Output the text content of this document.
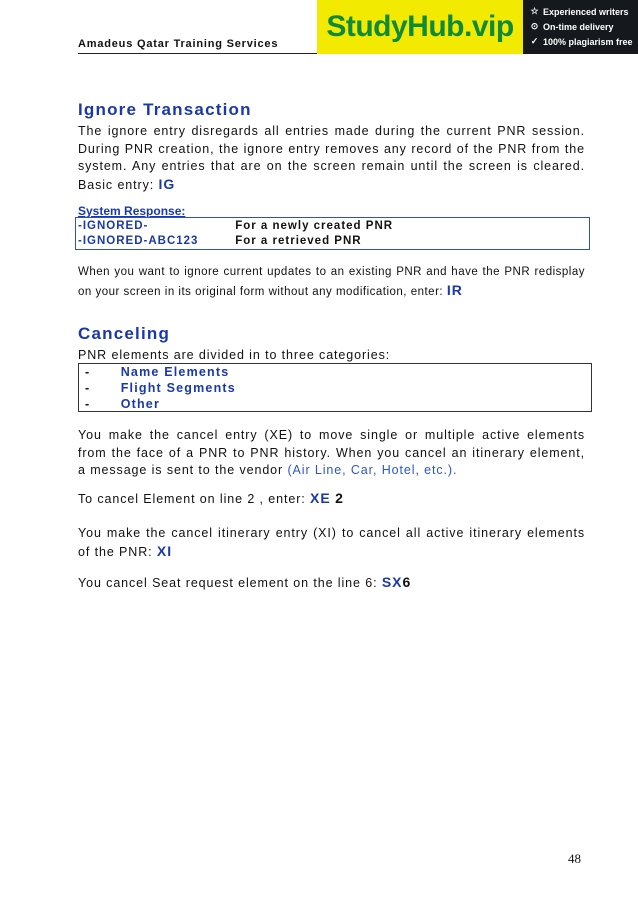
Amadeus Qatar Training Services
StudyHub.vip ☆ Experienced writers
⊙ On-time delivery
✓ 100% plagiarism free
Ignore Transaction
The ignore entry disregards all entries made during the current PNR session. During PNR creation, the ignore entry removes any record of the PNR from the system. Any entries that are on the screen remain until the screen is cleared. Basic entry: IG
System Response:
-IGNORED-	For a newly created PNR
-IGNORED-ABC123	For a retrieved PNR
When you want to ignore current updates to an existing PNR and have the PNR redisplay on your screen in its original form without any modification, enter: IR
Canceling
PNR elements are divided in to three categories:
- Name Elements
- Flight Segments
- Other
You make the cancel entry (XE) to move single or multiple active elements from the face of a PNR to PNR history. When you cancel an itinerary element, a message is sent to the vendor (Air Line, Car, Hotel, etc.).
To cancel Element on line 2 , enter: XE 2
You make the cancel itinerary entry (XI) to cancel all active itinerary elements of the PNR: XI
You cancel Seat request element on the line 6: SX6
48
